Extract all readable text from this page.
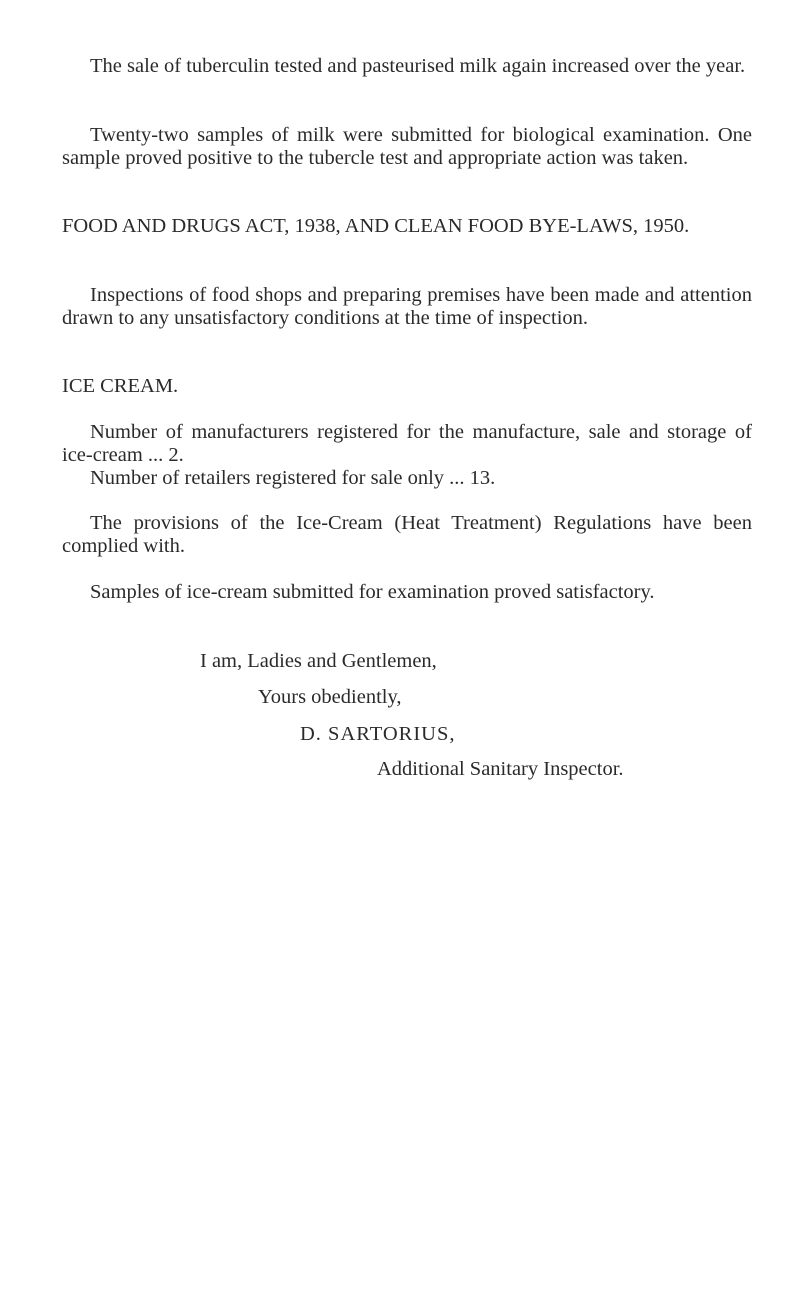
The sale of tuberculin tested and pasteurised milk again increased over the year.

Twenty-two samples of milk were submitted for biological examination. One sample proved positive to the tubercle test and appropriate action was taken.

FOOD AND DRUGS ACT, 1938, AND CLEAN FOOD BYE-LAWS, 1950.

Inspections of food shops and preparing premises have been made and attention drawn to any unsatisfactory conditions at the time of inspection.

ICE CREAM.

Number of manufacturers registered for the manufacture, sale and storage of ice-cream ... 2.

Number of retailers registered for sale only ... 13.

The provisions of the Ice-Cream (Heat Treatment) Regulations have been complied with.

Samples of ice-cream submitted for examination proved satisfactory.

I am, Ladies and Gentlemen,

Yours obediently,

D. SARTORIUS,

Additional Sanitary Inspector.
